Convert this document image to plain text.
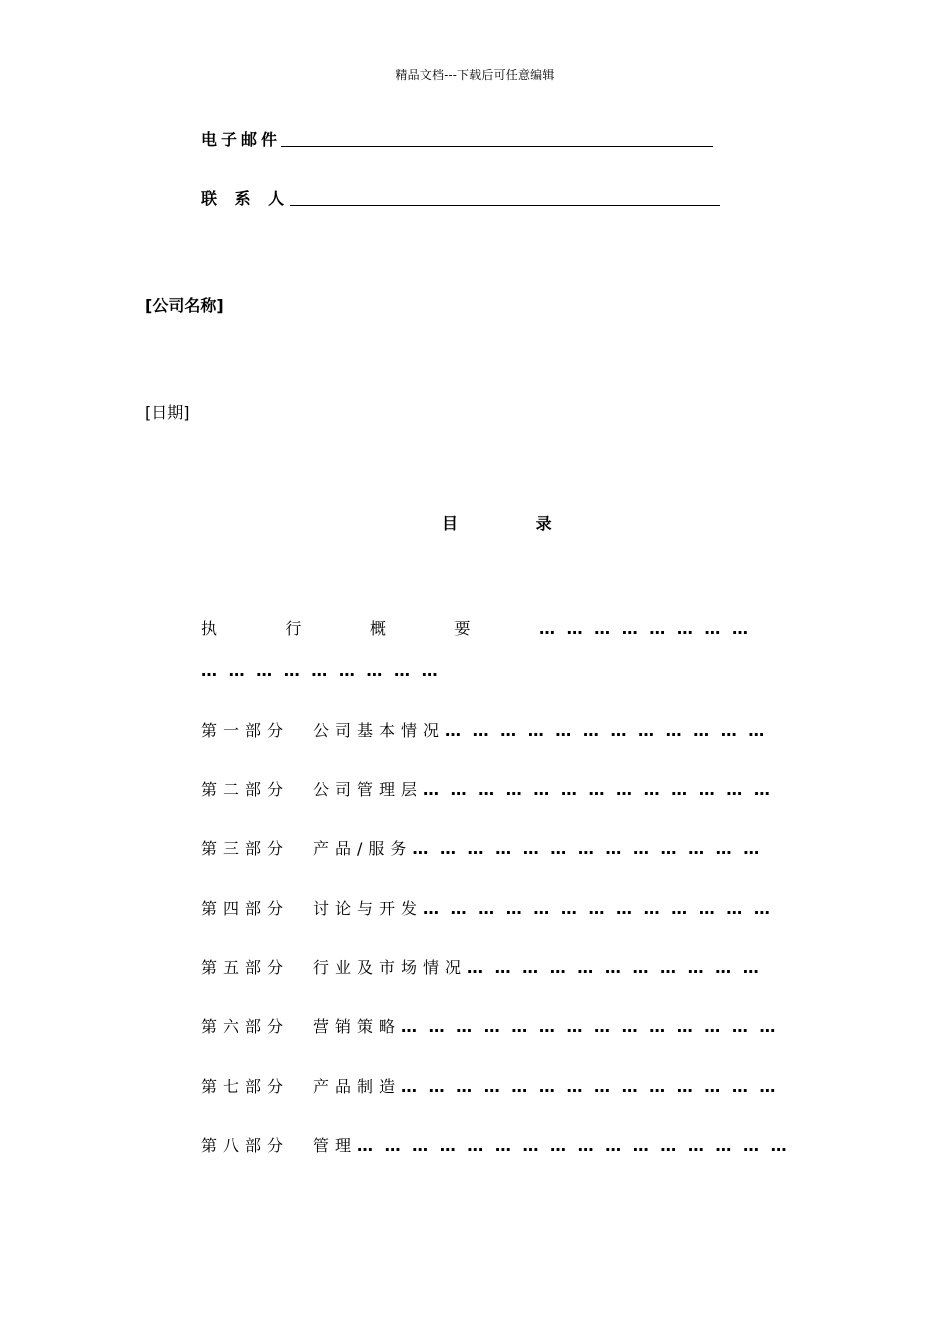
精品文档---下载后可任意编辑
电子邮件
联 系 人
[公司名称]
[日期]
目 录
执	行	概	要	… … … … … … … …
… … … … … … … … …
第一部分 公司基本情况… … … … … … … … … … … …
第二部分 公司管理层… … … … … … … … … … … … …
第三部分 产品/服务… … … … … … … … … … … … …
第四部分 讨论与开发… … … … … … … … … … … … …
第五部分 行业及市场情况… … … … … … … … … … …
第六部分 营销策略… … … … … … … … … … … … … …
第七部分 产品制造… … … … … … … … … … … … … …
第八部分 管理… … … … … … … … … … … … … … … …
